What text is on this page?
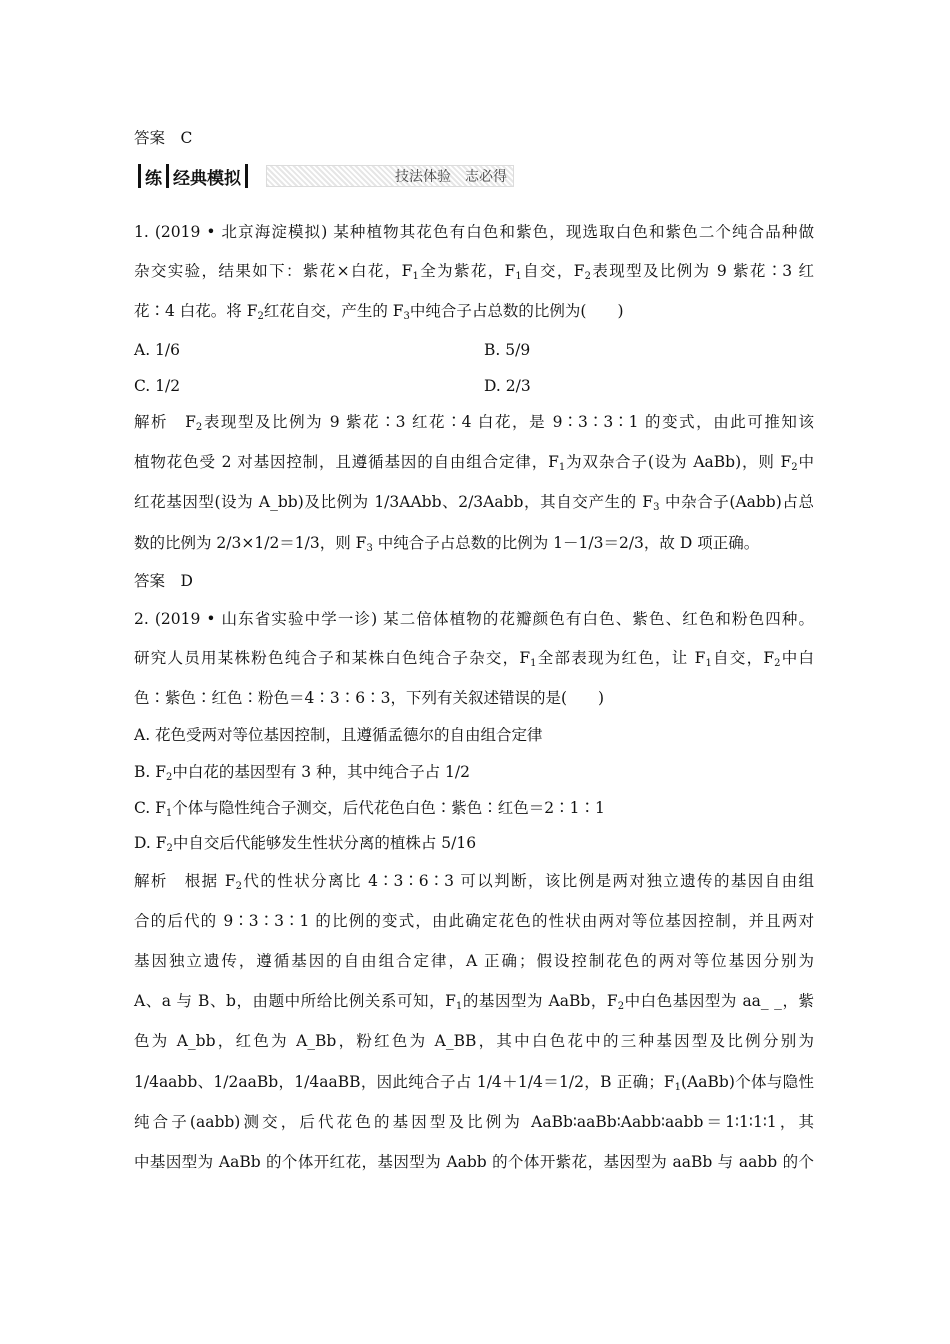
答案　C
练 经典模拟	技法体验　志必得
1. (2019 • 北京海淀模拟) 某种植物其花色有白色和紫色，现选取白色和紫色二个纯合品种做
杂交实验，结果如下：紫花×白花，$F_1$全为紫花，$F_1$自交，$F_2$表现型及比例为 9 紫花∶3 红
花∶4 白花。将 $F_2$红花自交，产生的 $F_3$中纯合子占总数的比例为(　　)
A. 1/6	B. 5/9
C. 1/2	D. 2/3
解析　$F_2$表现型及比例为 9 紫花∶3 红花∶4 白花，是 9∶3∶3∶1 的变式，由此可推知该
植物花色受 2 对基因控制，且遵循基因的自由组合定律，$F_1$为双杂合子(设为 AaBb)，则 $F_2$中
红花基因型(设为 A_bb)及比例为 1/3AAbb、2/3Aabb，其自交产生的 $F_3$ 中杂合子(Aabb)占总
数的比例为 2/3×1/2＝1/3，则 $F_3$ 中纯合子占总数的比例为 1－1/3＝2/3，故 D 项正确。
答案　D
2. (2019 • 山东省实验中学一诊) 某二倍体植物的花瓣颜色有白色、紫色、红色和粉色四种。
研究人员用某株粉色纯合子和某株白色纯合子杂交，$F_1$全部表现为红色，让 $F_1$自交，$F_2$中白
色∶紫色∶红色∶粉色＝4∶3∶6∶3，下列有关叙述错误的是(　　)
A. 花色受两对等位基因控制，且遵循孟德尔的自由组合定律
B. $F_2$中白花的基因型有 3 种，其中纯合子占 1/2
C. $F_1$个体与隐性纯合子测交，后代花色白色∶紫色∶红色＝2∶1∶1
D. $F_2$中自交后代能够发生性状分离的植株占 5/16
解析　根据 $F_2$代的性状分离比 4∶3∶6∶3 可以判断，该比例是两对独立遗传的基因自由组
合的后代的 9∶3∶3∶1 的比例的变式，由此确定花色的性状由两对等位基因控制，并且两对
基因独立遗传，遵循基因的自由组合定律，A 正确；假设控制花色的两对等位基因分别为
A、a 与 B、b，由题中所给比例关系可知，$F_1$的基因型为 AaBb，$F_2$中白色基因型为 aa_ _，紫
色为 A_bb，红色为 A_Bb，粉红色为 A_BB，其中白色花中的三种基因型及比例分别为
1/4aabb、1/2aaBb，1/4aaBB，因此纯合子占 1/4＋1/4＝1/2，B 正确；$F_1(AaBb)$个体与隐性
纯合子(aabb)测交，后代花色的基因型及比例为 AaBb∶aaBb∶Aabb∶aabb＝1∶1∶1∶1，其
中基因型为 AaBb 的个体开红花，基因型为 Aabb 的个体开紫花，基因型为 aaBb 与 aabb 的个
